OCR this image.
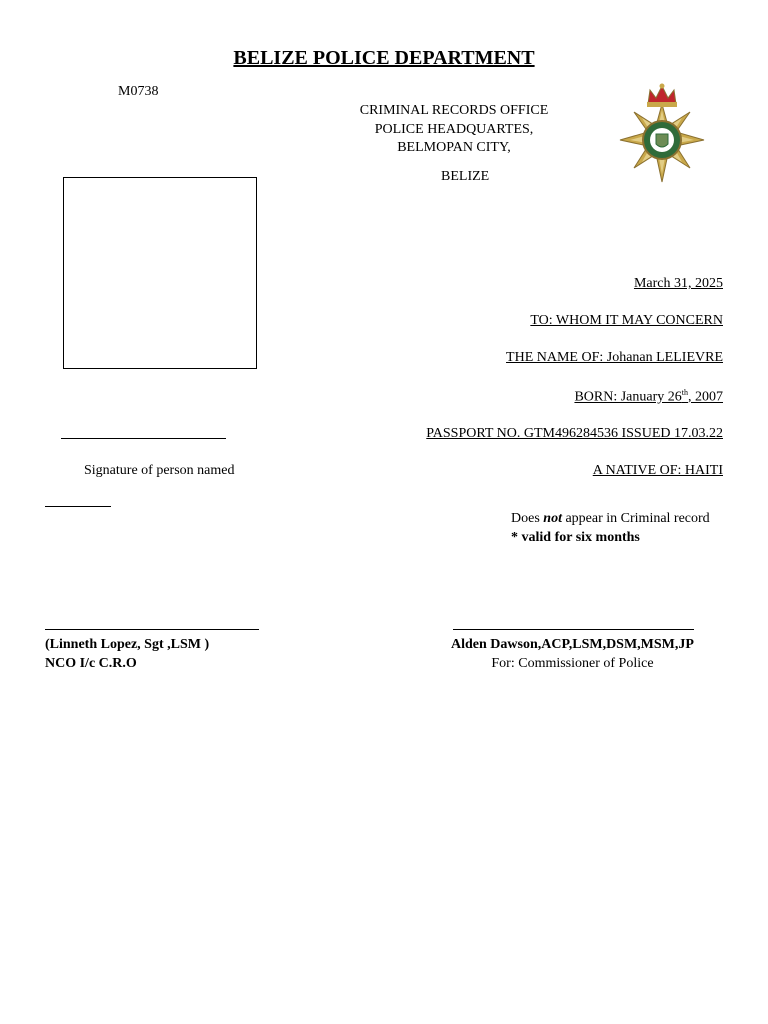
BELIZE POLICE DEPARTMENT
M0738
CRIMINAL RECORDS OFFICE
POLICE HEADQUARTES,
BELMOPAN CITY,
BELIZE
March 31, 2025
TO: WHOM IT MAY CONCERN
THE NAME OF: Johanan LELIEVRE
BORN: January 26th, 2007
PASSPORT NO. GTM496284536 ISSUED 17.03.22
A NATIVE OF: HAITI
Signature of person named
Does not appear in Criminal record
* valid for six months
(Linneth Lopez, Sgt ,LSM )
NCO I/c C.R.O
Alden Dawson,ACP,LSM,DSM,MSM,JP
For: Commissioner of Police
